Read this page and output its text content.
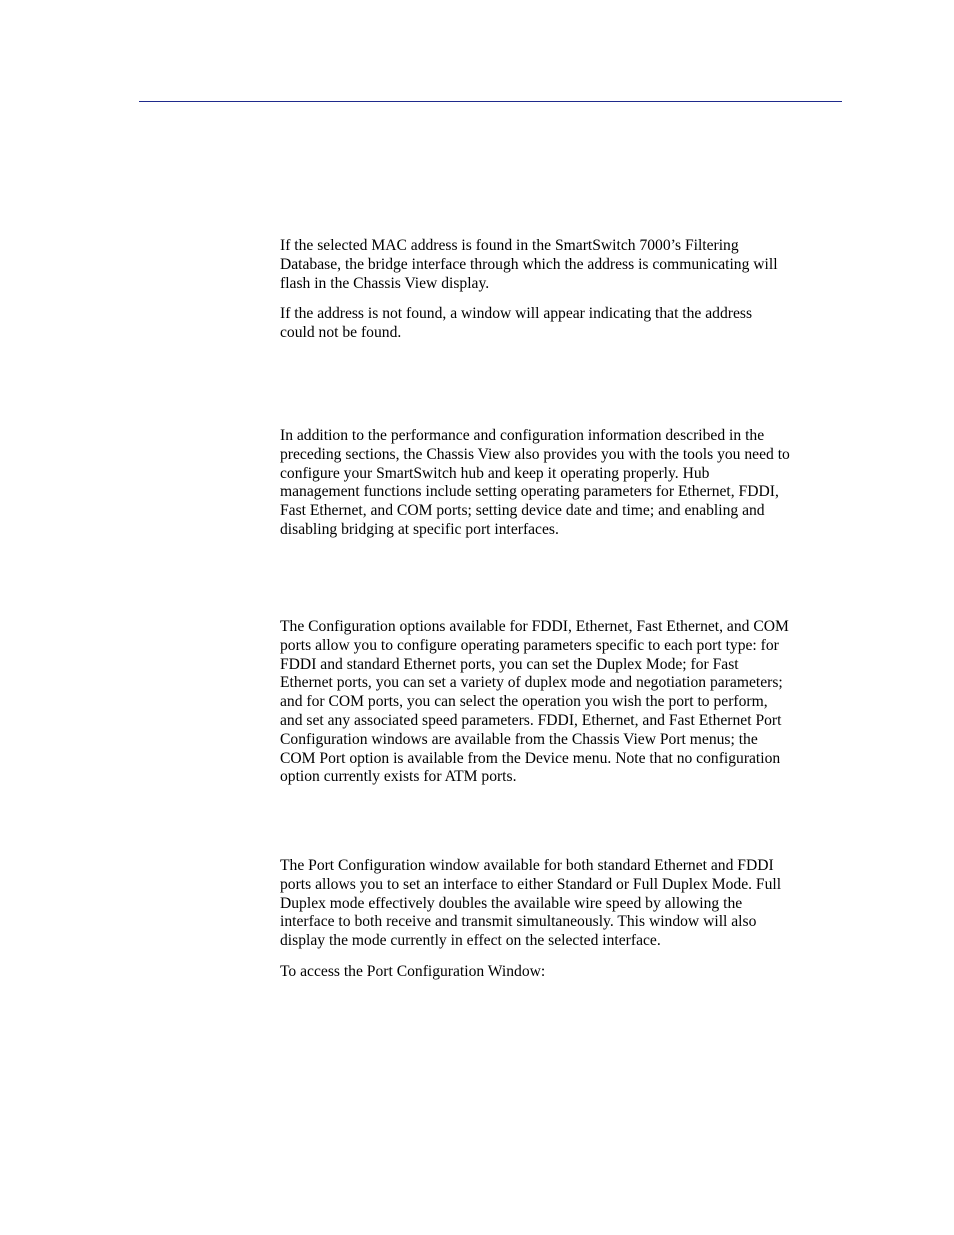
If the selected MAC address is found in the SmartSwitch 7000’s Filtering
Database, the bridge interface through which the address is communicating will
flash in the Chassis View display.
If the address is not found, a window will appear indicating that the address
could not be found.
In addition to the performance and configuration information described in the
preceding sections, the Chassis View also provides you with the tools you need to
configure your SmartSwitch hub and keep it operating properly. Hub
management functions include setting operating parameters for Ethernet, FDDI,
Fast Ethernet, and COM ports; setting device date and time; and enabling and
disabling bridging at specific port interfaces.
The Configuration options available for FDDI, Ethernet, Fast Ethernet, and COM
ports allow you to configure operating parameters specific to each port type: for
FDDI and standard Ethernet ports, you can set the Duplex Mode; for Fast
Ethernet ports, you can set a variety of duplex mode and negotiation parameters;
and for COM ports, you can select the operation you wish the port to perform,
and set any associated speed parameters. FDDI, Ethernet, and Fast Ethernet Port
Configuration windows are available from the Chassis View Port menus; the
COM Port option is available from the Device menu. Note that no configuration
option currently exists for ATM ports.
The Port Configuration window available for both standard Ethernet and FDDI
ports allows you to set an interface to either Standard or Full Duplex Mode. Full
Duplex mode effectively doubles the available wire speed by allowing the
interface to both receive and transmit simultaneously. This window will also
display the mode currently in effect on the selected interface.
To access the Port Configuration Window:
